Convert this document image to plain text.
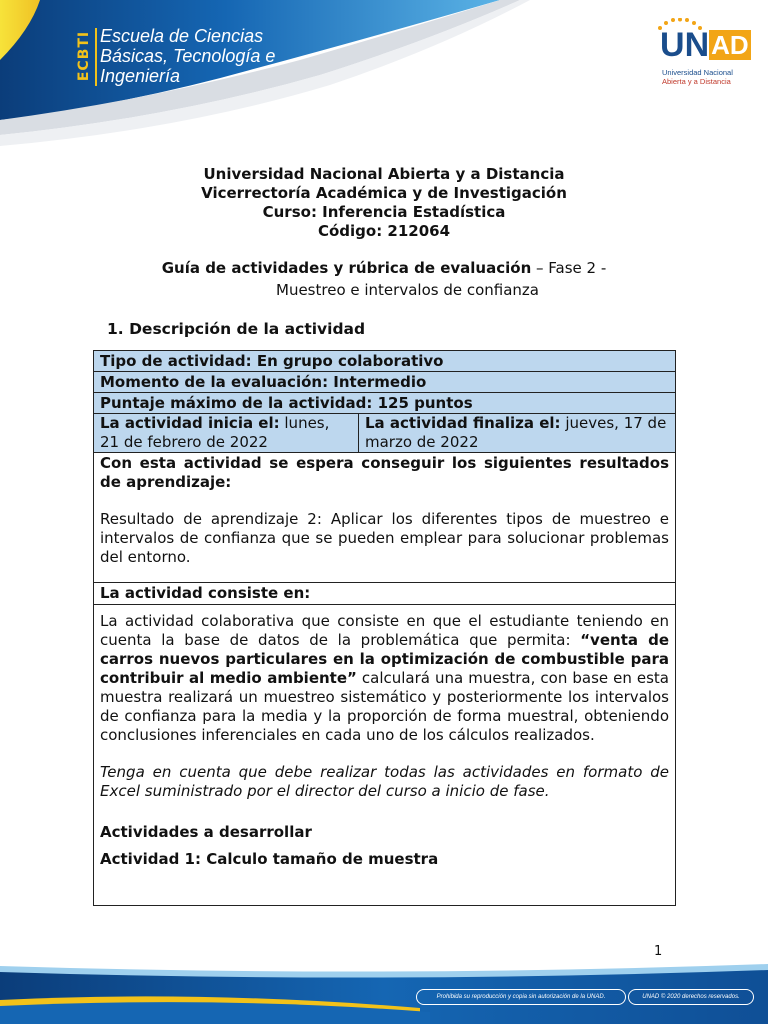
ECBTI Escuela de Ciencias
Básicas, Tecnología e
Ingeniería
$UN^{AD}$
Universidad Nacional
Abierta y a Distancia
Universidad Nacional Abierta y a Distancia
Vicerrectoría Académica y de Investigación
Curso: Inferencia Estadística
Código: 212064
Guía de actividades y rúbrica de evaluación – Fase 2 -
Muestreo e intervalos de confianza
1. Descripción de la actividad
Tipo de actividad: En grupo colaborativo
Momento de la evaluación: Intermedio
Puntaje máximo de la actividad: 125 puntos
La actividad inicia el: lunes, 21 de febrero de 2022
La actividad finaliza el: jueves, 17 de marzo de 2022

Con esta actividad se espera conseguir los siguientes resultados de aprendizaje:

Resultado de aprendizaje 2: Aplicar los diferentes tipos de muestreo e intervalos de confianza que se pueden emplear para solucionar problemas del entorno.

La actividad consiste en:

La actividad colaborativa que consiste en que el estudiante teniendo en cuenta la base de datos de la problemática que permita: “venta de carros nuevos particulares en la optimización de combustible para contribuir al medio ambiente” calculará una muestra, con base en esta muestra realizará un muestreo sistemático y posteriormente los intervalos de confianza para la media y la proporción de forma muestral, obteniendo conclusiones inferenciales en cada uno de los cálculos realizados.

Tenga en cuenta que debe realizar todas las actividades en formato de Excel suministrado por el director del curso a inicio de fase.

Actividades a desarrollar

Actividad 1: Calculo tamaño de muestra

1
Prohibida su reproducción y copia sin autorización de la UNAD.	UNAD © 2020 derechos reservados.
